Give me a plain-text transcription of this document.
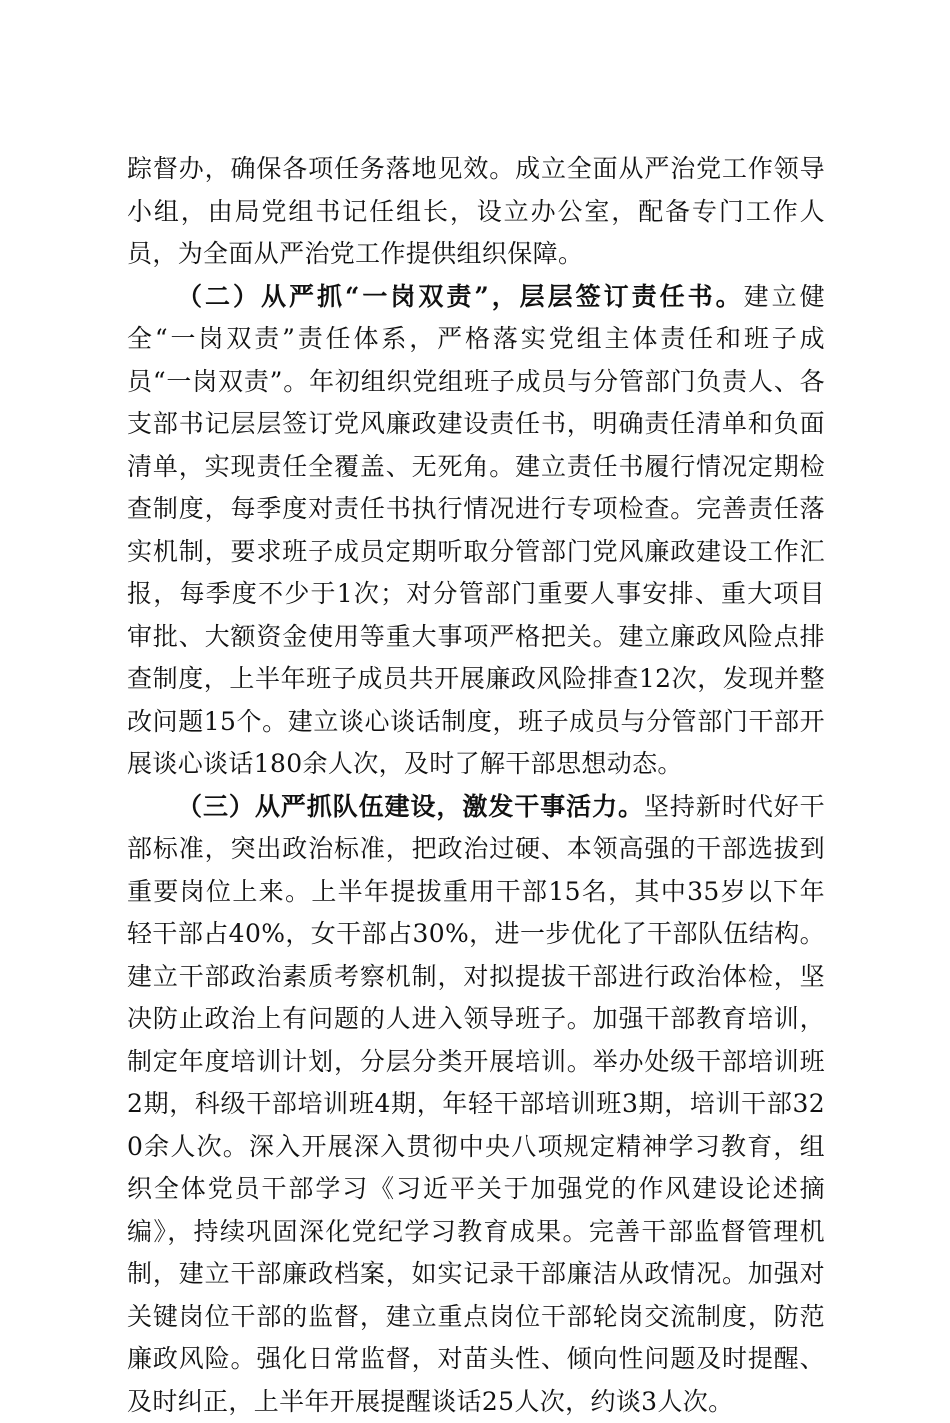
踪督办，确保各项任务落地见效。成立全面从严治党工作领导小组，由局党组书记任组长，设立办公室，配备专门工作人员，为全面从严治党工作提供组织保障。

（二）从严抓“一岗双责”，层层签订责任书。建立健全“一岗双责”责任体系，严格落实党组主体责任和班子成员“一岗双责”。年初组织党组班子成员与分管部门负责人、各支部书记层层签订党风廉政建设责任书，明确责任清单和负面清单，实现责任全覆盖、无死角。建立责任书履行情况定期检查制度，每季度对责任书执行情况进行专项检查。完善责任落实机制，要求班子成员定期听取分管部门党风廉政建设工作汇报，每季度不少于1次；对分管部门重要人事安排、重大项目审批、大额资金使用等重大事项严格把关。建立廉政风险点排查制度，上半年班子成员共开展廉政风险排查12次，发现并整改问题15个。建立谈心谈话制度，班子成员与分管部门干部开展谈心谈话180余人次，及时了解干部思想动态。

（三）从严抓队伍建设，激发干事活力。坚持新时代好干部标准，突出政治标准，把政治过硬、本领高强的干部选拔到重要岗位上来。上半年提拔重用干部15名，其中35岁以下年轻干部占40%，女干部占30%，进一步优化了干部队伍结构。建立干部政治素质考察机制，对拟提拔干部进行政治体检，坚决防止政治上有问题的人进入领导班子。加强干部教育培训，制定年度培训计划，分层分类开展培训。举办处级干部培训班2期，科级干部培训班4期，年轻干部培训班3期，培训干部320余人次。深入开展深入贯彻中央八项规定精神学习教育，组织全体党员干部学习《习近平关于加强党的作风建设论述摘编》，持续巩固深化党纪学习教育成果。完善干部监督管理机制，建立干部廉政档案，如实记录干部廉洁从政情况。加强对关键岗位干部的监督，建立重点岗位干部轮岗交流制度，防范廉政风险。强化日常监督，对苗头性、倾向性问题及时提醒、及时纠正，上半年开展提醒谈话25人次，约谈3人次。
